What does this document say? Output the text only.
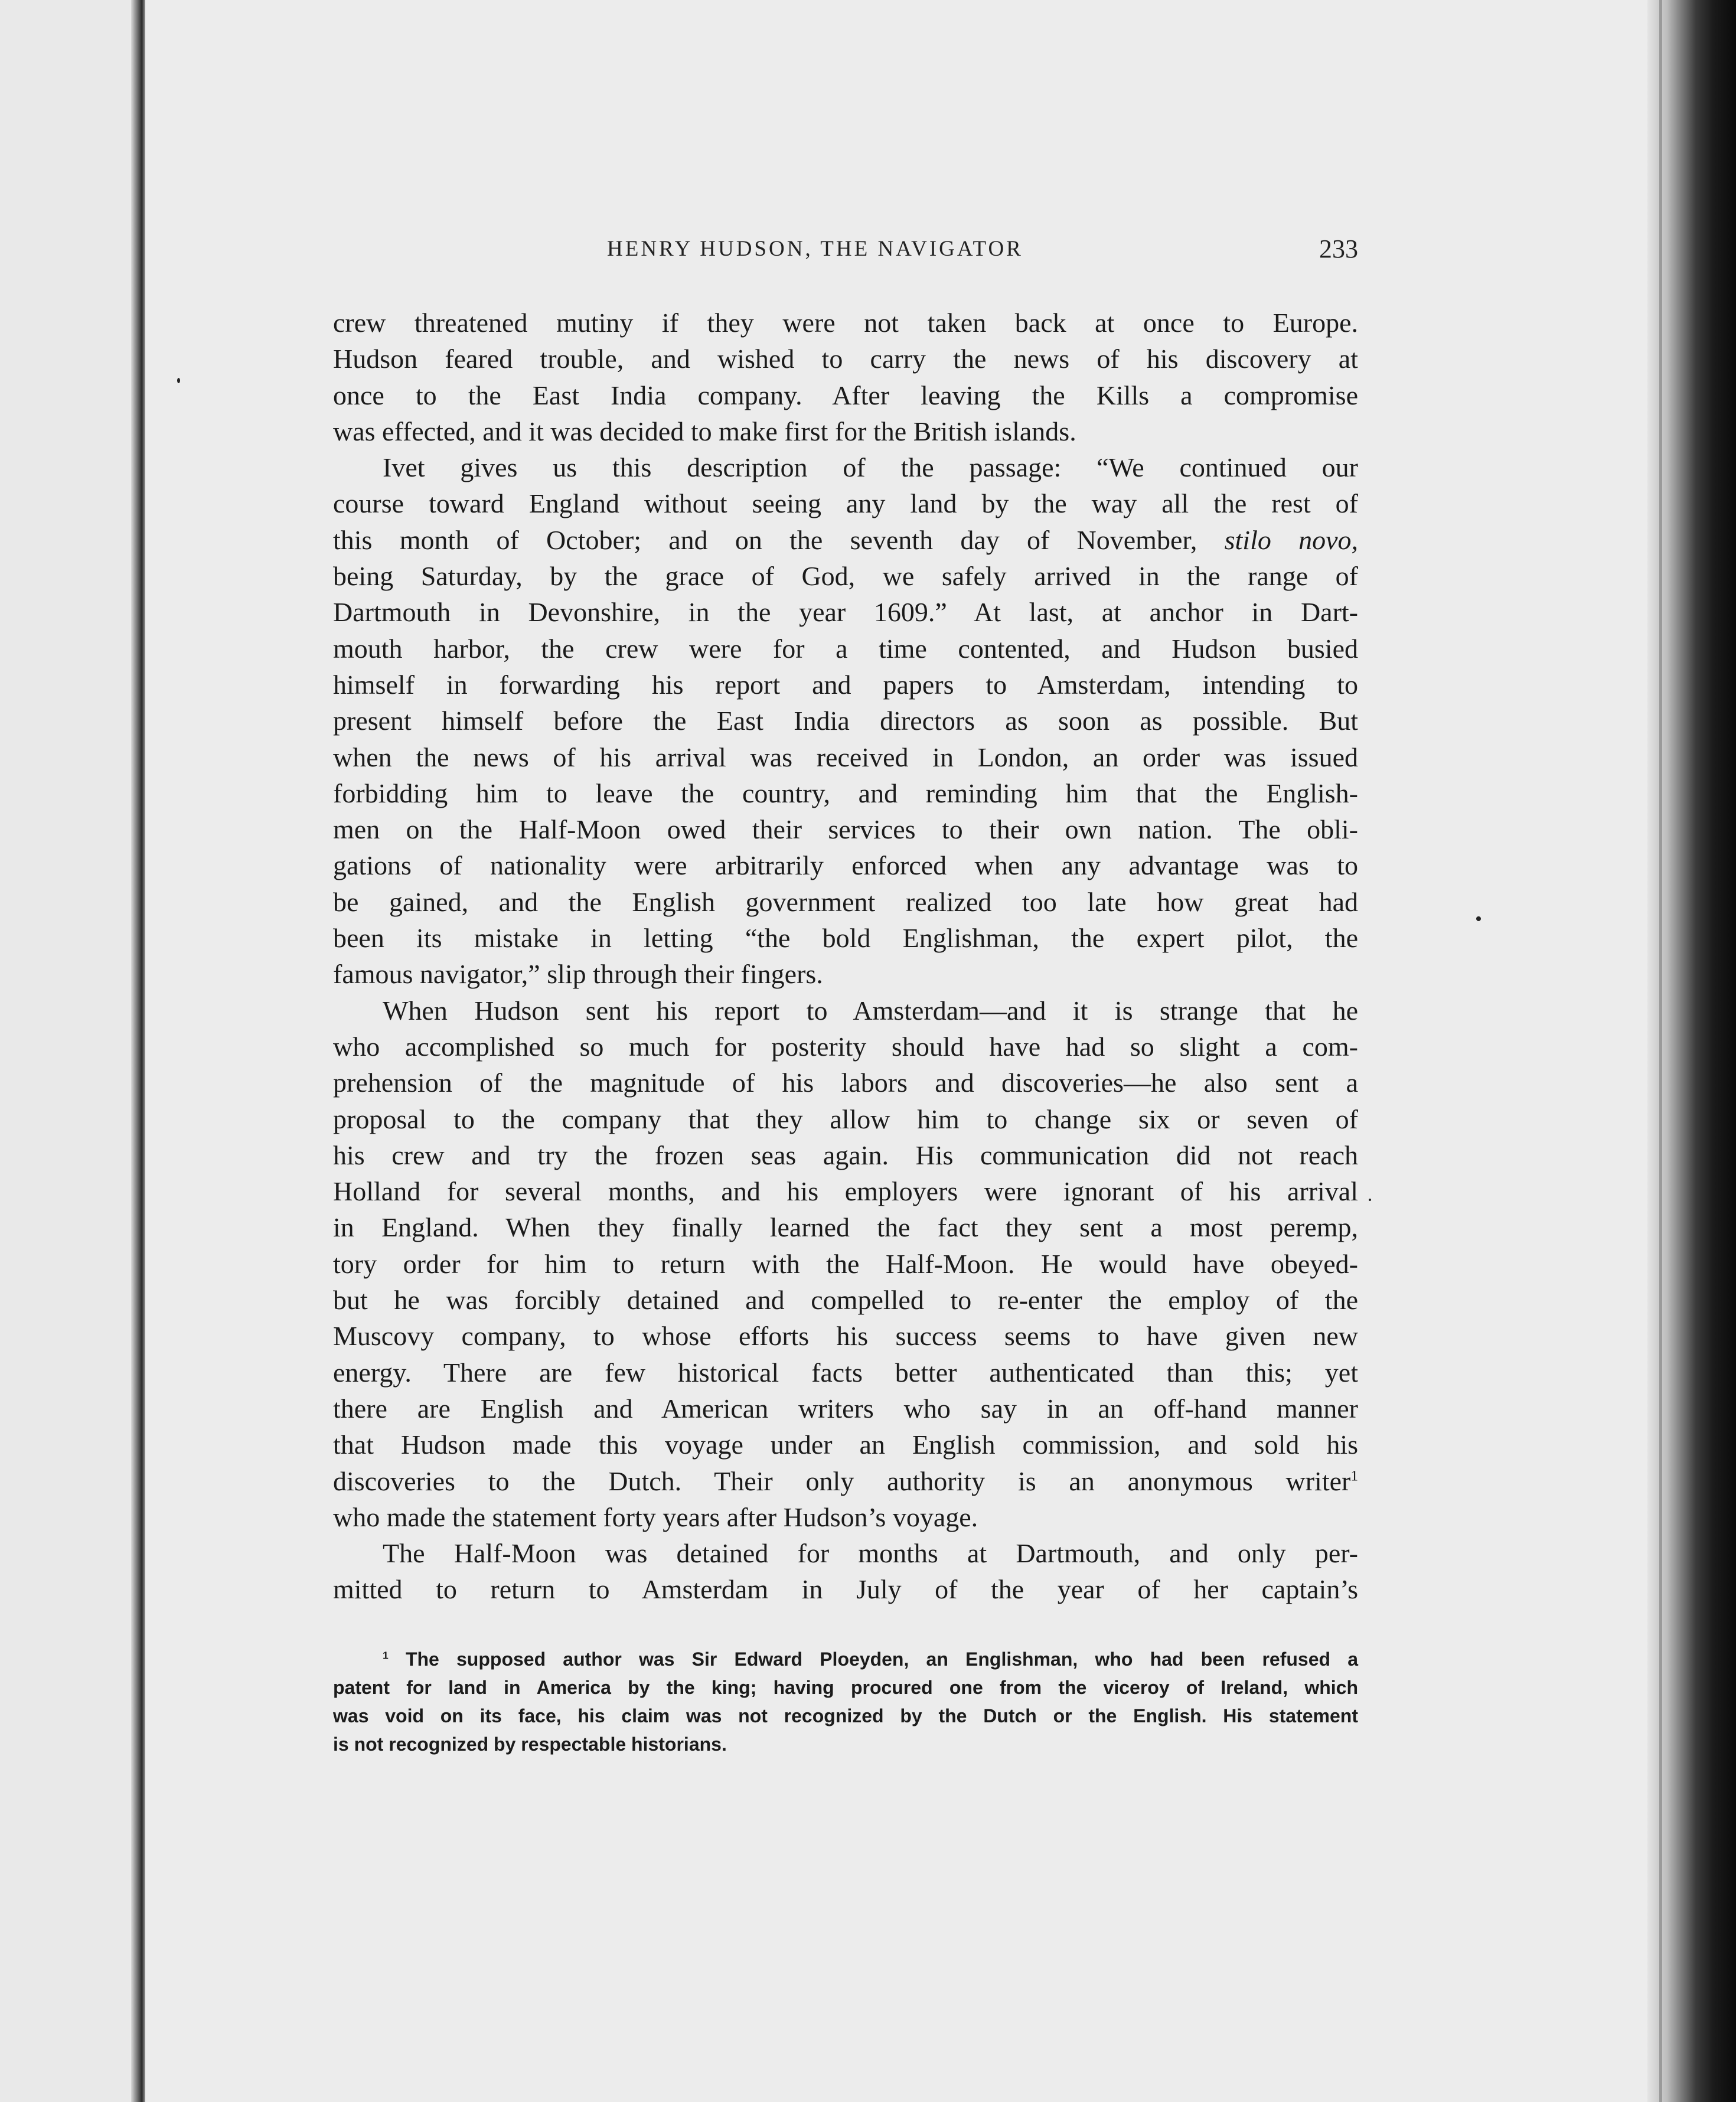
HENRY HUDSON, THE NAVIGATOR	233
crew threatened mutiny if they were not taken back at once to Europe.
Hudson feared trouble, and wished to carry the news of his discovery at
once to the East India company. After leaving the Kills a compromise
was effected, and it was decided to make first for the British islands.
Ivet gives us this description of the passage: “We continued our
course toward England without seeing any land by the way all the rest of
this month of October; and on the seventh day of November, stilo novo,
being Saturday, by the grace of God, we safely arrived in the range of
Dartmouth in Devonshire, in the year 1609.” At last, at anchor in Dart-
mouth harbor, the crew were for a time contented, and Hudson busied
himself in forwarding his report and papers to Amsterdam, intending to
present himself before the East India directors as soon as possible. But
when the news of his arrival was received in London, an order was issued
forbidding him to leave the country, and reminding him that the English-
men on the Half-Moon owed their services to their own nation. The obli-
gations of nationality were arbitrarily enforced when any advantage was to
be gained, and the English government realized too late how great had
been its mistake in letting “the bold Englishman, the expert pilot, the
famous navigator,” slip through their fingers.
When Hudson sent his report to Amsterdam—and it is strange that he
who accomplished so much for posterity should have had so slight a com-
prehension of the magnitude of his labors and discoveries—he also sent a
proposal to the company that they allow him to change six or seven of
his crew and try the frozen seas again. His communication did not reach
Holland for several months, and his employers were ignorant of his arrival
in England. When they finally learned the fact they sent a most peremp,
tory order for him to return with the Half-Moon. He would have obeyed-
but he was forcibly detained and compelled to re-enter the employ of the
Muscovy company, to whose efforts his success seems to have given new
energy. There are few historical facts better authenticated than this; yet
there are English and American writers who say in an off-hand manner
that Hudson made this voyage under an English commission, and sold his
discoveries to the Dutch. Their only authority is an anonymous writer$^1$
who made the statement forty years after Hudson’s voyage.
The Half-Moon was detained for months at Dartmouth, and only per-
mitted to return to Amsterdam in July of the year of her captain’s
$^1$ The supposed author was Sir Edward Ploeyden, an Englishman, who had been refused a
patent for land in America by the king; having procured one from the viceroy of Ireland, which
was void on its face, his claim was not recognized by the Dutch or the English. His statement
is not recognized by respectable historians.
